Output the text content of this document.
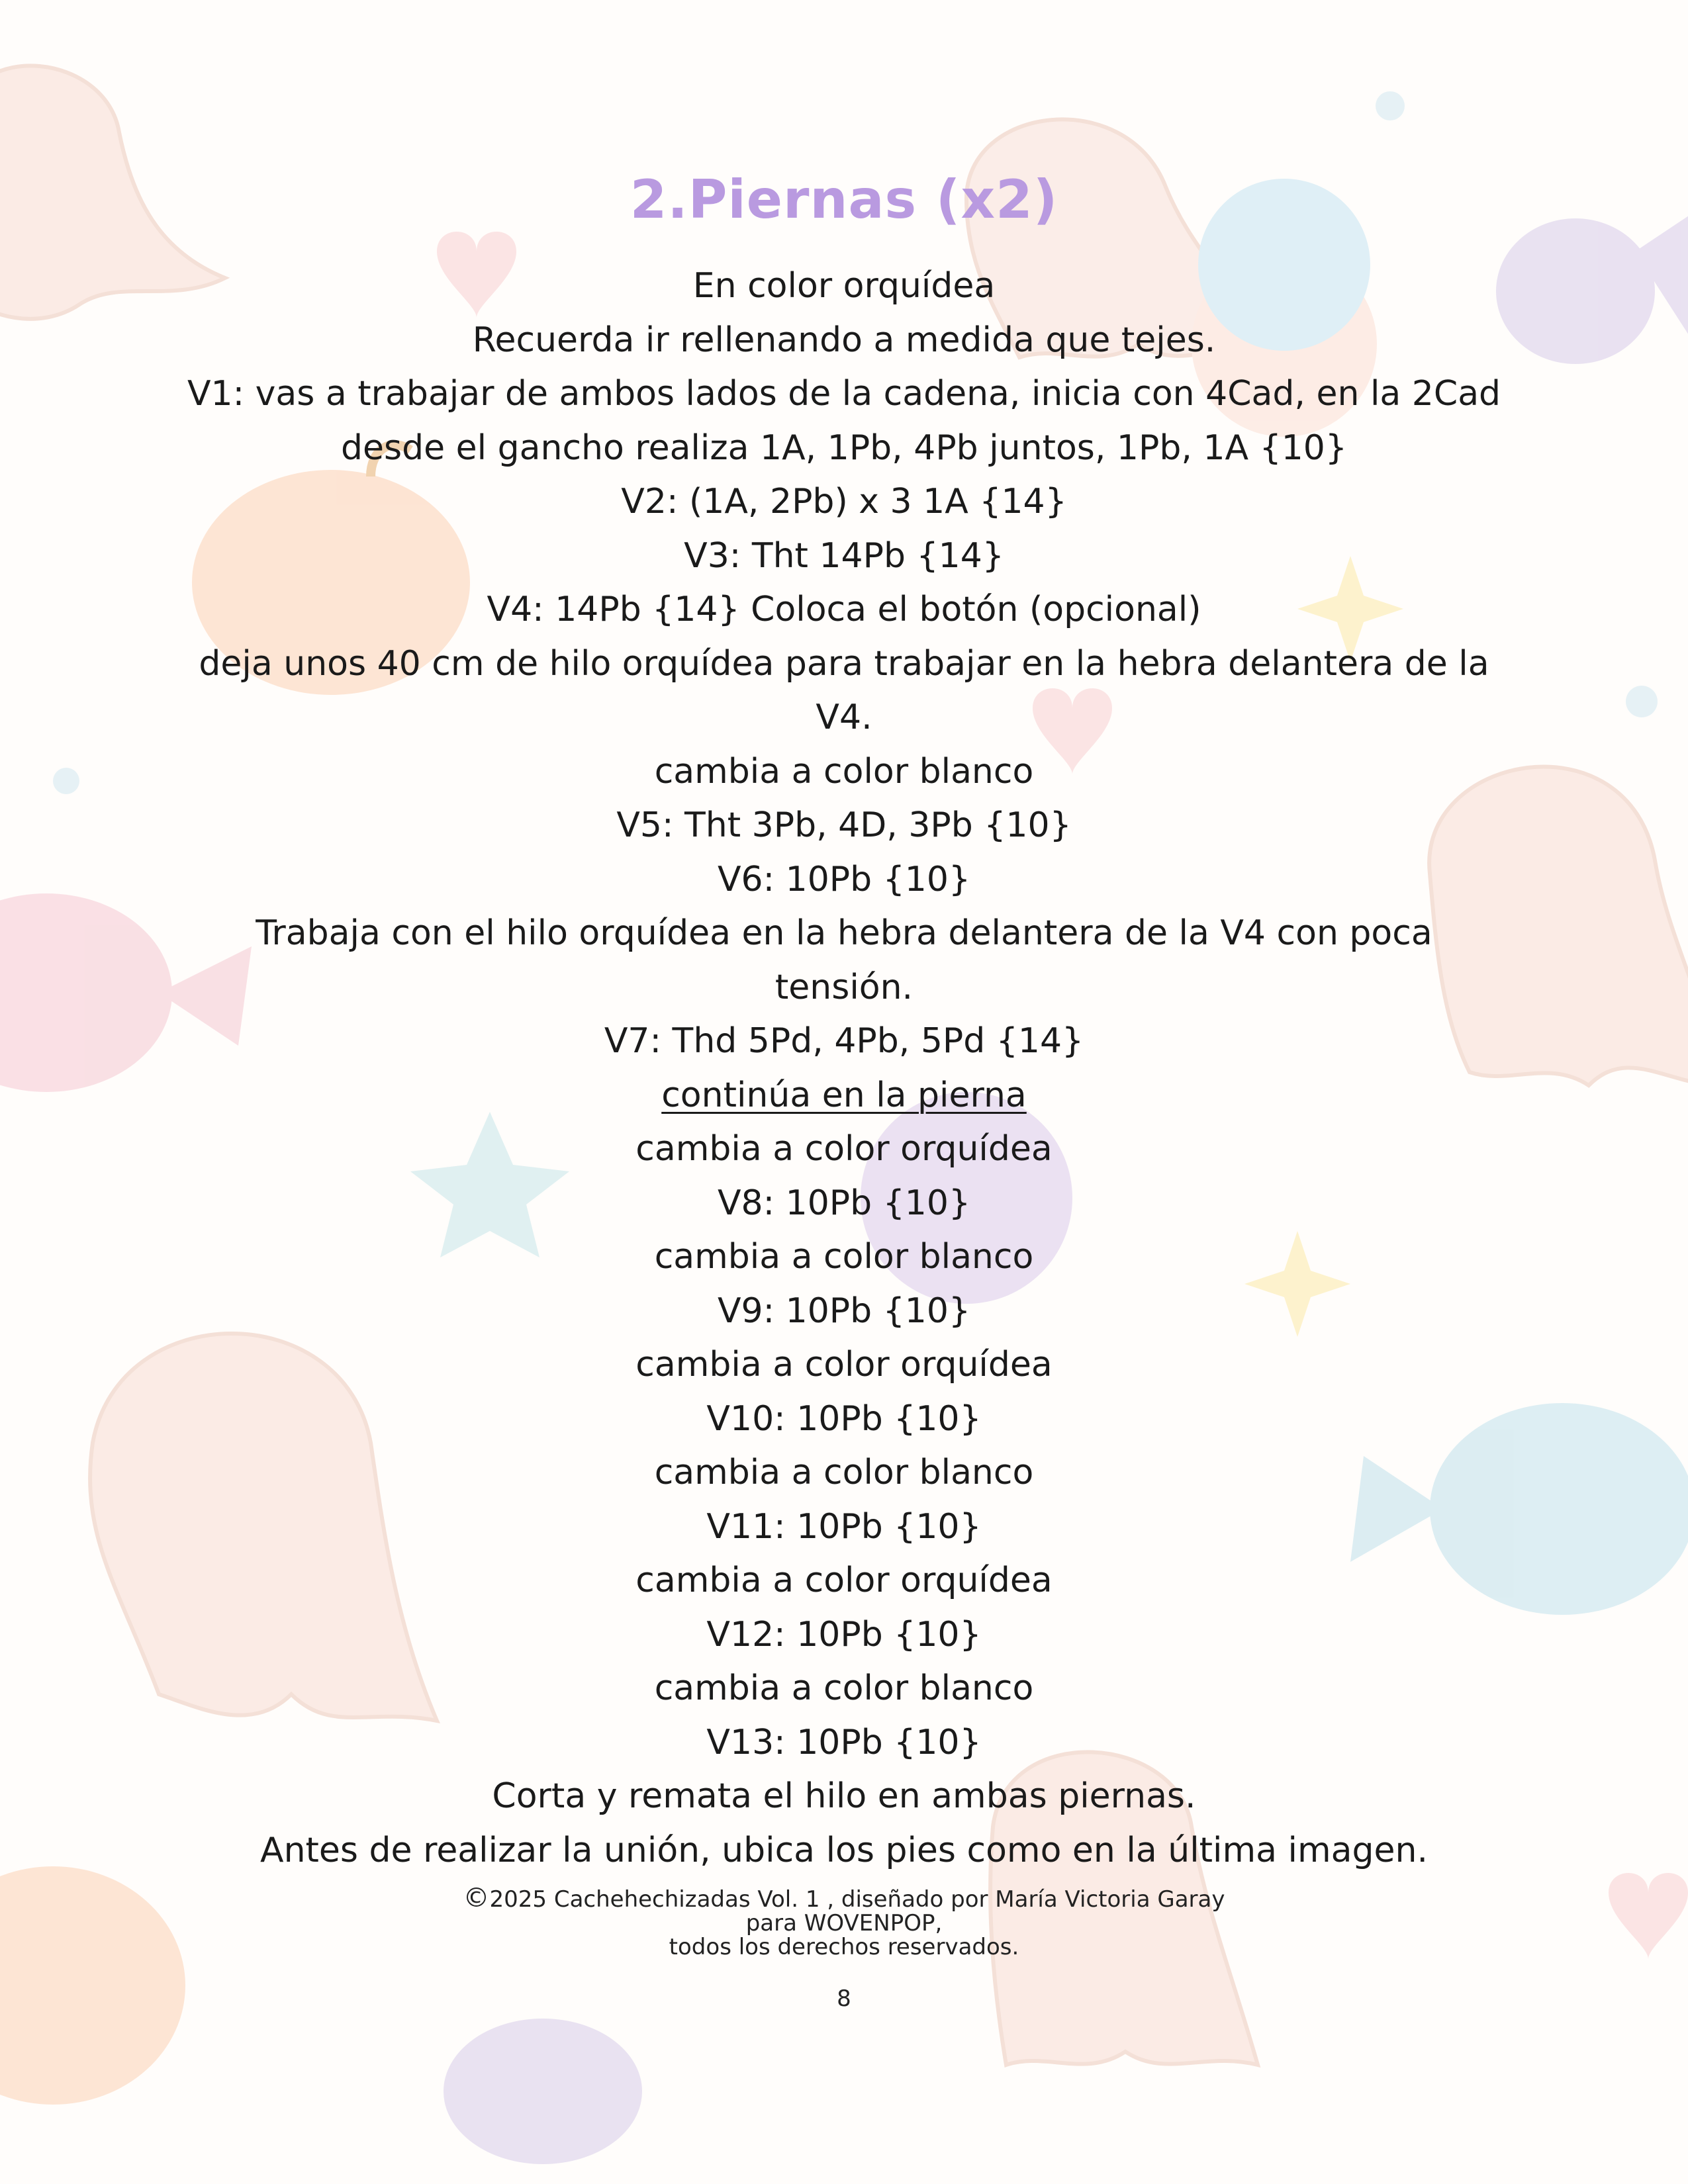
2.Piernas (x2)
En color orquídea
Recuerda ir rellenando a medida que tejes.
V1: vas a trabajar de ambos lados de la cadena, inicia con 4Cad, en la 2Cad
desde el gancho realiza 1A, 1Pb, 4Pb juntos, 1Pb, 1A {10}
V2: (1A, 2Pb) x 3 1A {14}
V3: Tht 14Pb {14}
V4: 14Pb {14} Coloca el botón (opcional)
deja unos 40 cm de hilo orquídea para trabajar en la hebra delantera de la
V4.
cambia a color blanco
V5: Tht 3Pb, 4D, 3Pb {10}
V6: 10Pb {10}
Trabaja con el hilo orquídea en la hebra delantera de la V4 con poca
tensión.
V7: Thd 5Pd, 4Pb, 5Pd {14}
continúa en la pierna
cambia a color orquídea
V8: 10Pb {10}
cambia a color blanco
V9: 10Pb {10}
cambia a color orquídea
V10: 10Pb {10}
cambia a color blanco
V11: 10Pb {10}
cambia a color orquídea
V12: 10Pb {10}
cambia a color blanco
V13: 10Pb {10}
Corta y remata el hilo en ambas piernas.
Antes de realizar la unión, ubica los pies como en la última imagen.
©2025 Cachehechizadas Vol. 1 , diseñado por María Victoria Garay
para WOVENPOP,
todos los derechos reservados.
8
